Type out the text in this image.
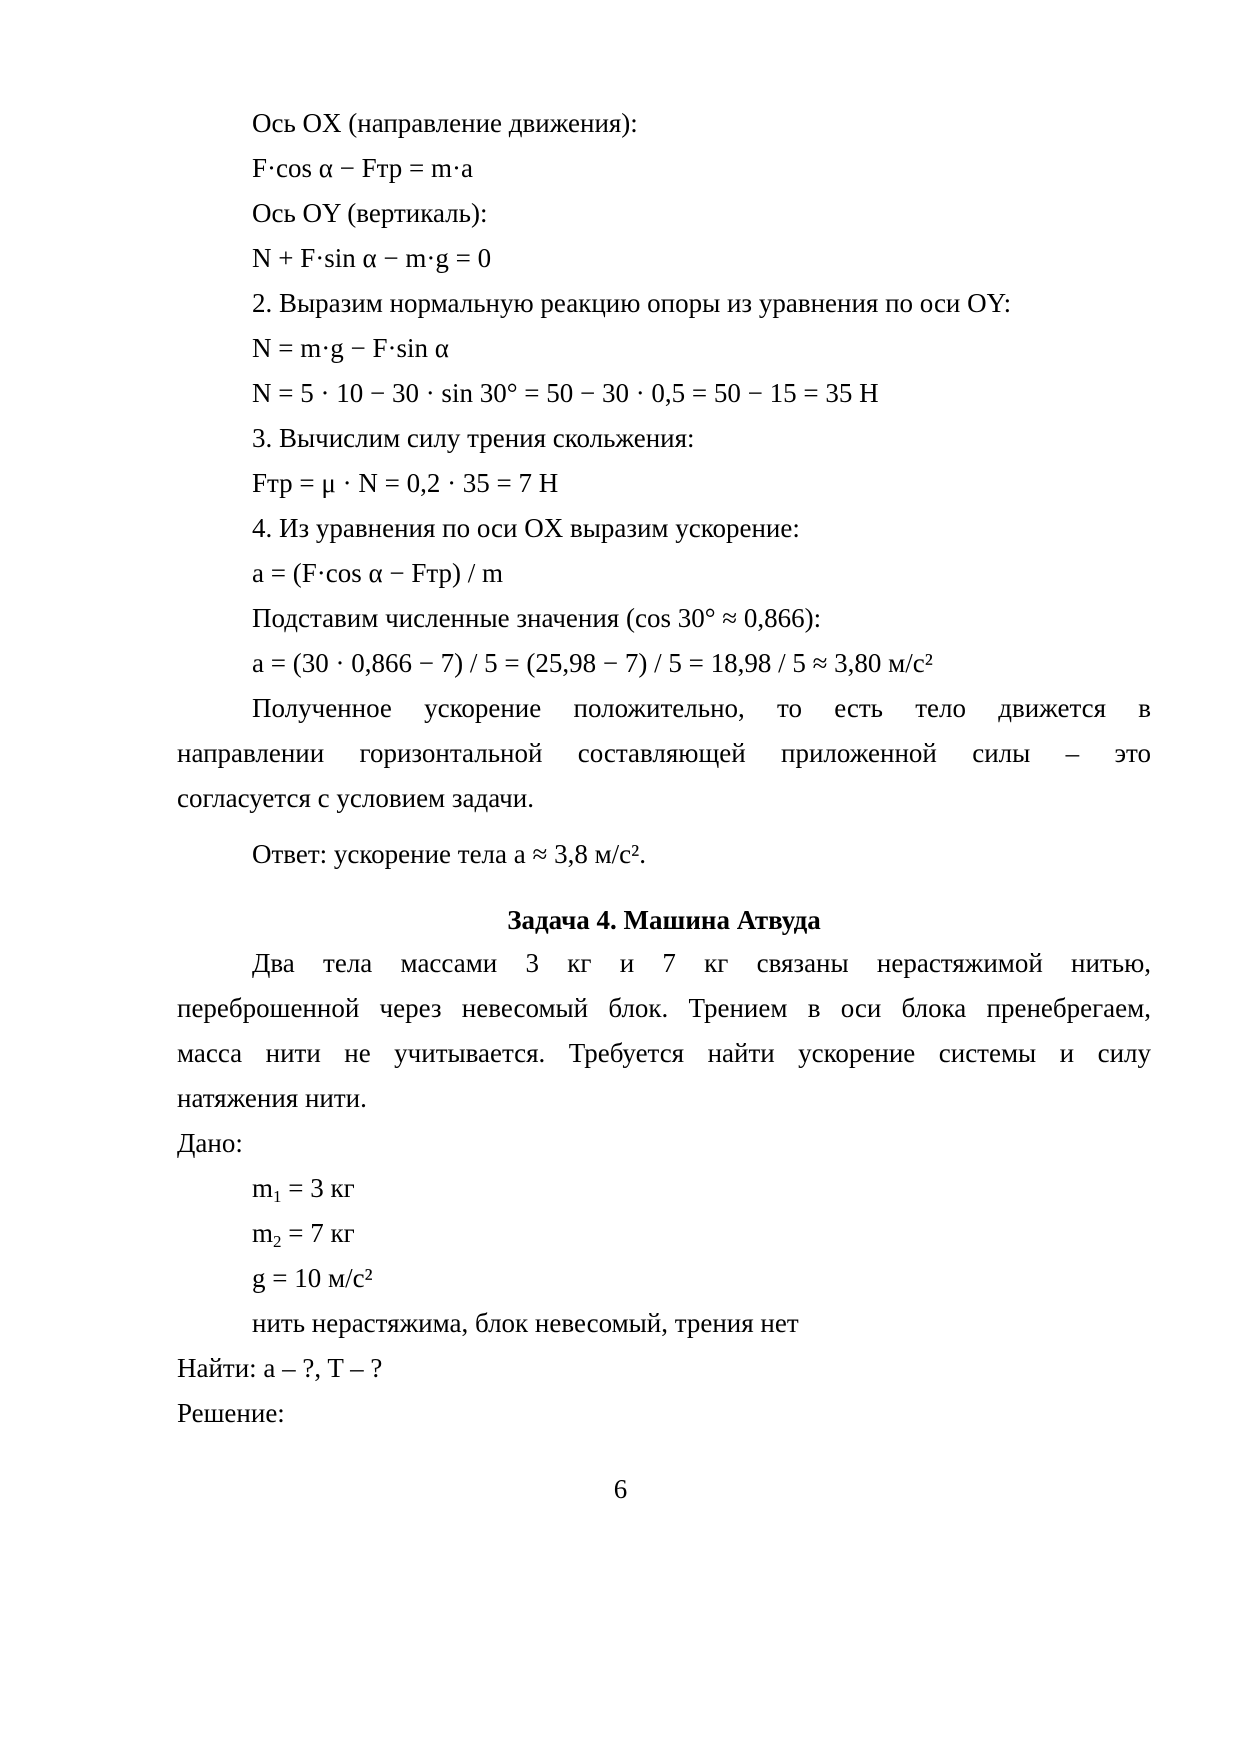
Ось OX (направление движения):
F·cos α − Fтр = m·a
Ось OY (вертикаль):
N + F·sin α − m·g = 0
2. Выразим нормальную реакцию опоры из уравнения по оси OY:
N = m·g − F·sin α
N = 5 · 10 − 30 · sin 30° = 50 − 30 · 0,5 = 50 − 15 = 35 Н
3. Вычислим силу трения скольжения:
Fтр = μ · N = 0,2 · 35 = 7 Н
4. Из уравнения по оси OX выразим ускорение:
a = (F·cos α − Fтр) / m
Подставим численные значения (cos 30° ≈ 0,866):
a = (30 · 0,866 − 7) / 5 = (25,98 − 7) / 5 = 18,98 / 5 ≈ 3,80 м/с²
Полученное ускорение положительно, то есть тело движется в
направлении горизонтальной составляющей приложенной силы – это
согласуется с условием задачи.
Ответ: ускорение тела a ≈ 3,8 м/с².
Задача 4. Машина Атвуда
Два тела массами 3 кг и 7 кг связаны нерастяжимой нитью,
переброшенной через невесомый блок. Трением в оси блока пренебрегаем,
масса нити не учитывается. Требуется найти ускорение системы и силу
натяжения нити.
Дано:
$m_1 = 3$ кг
$m_2 = 7$ кг
g = 10 м/с²
нить нерастяжима, блок невесомый, трения нет
Найти: a – ?, T – ?
Решение:
6
